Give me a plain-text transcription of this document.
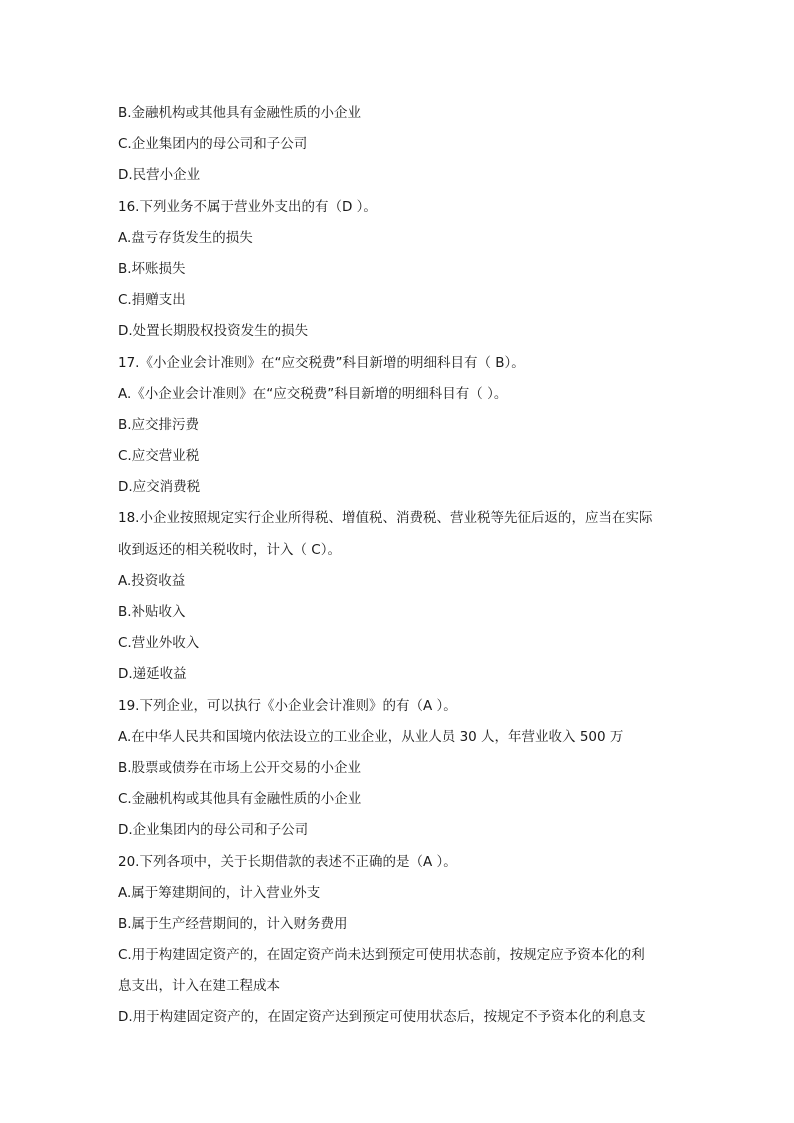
B.金融机构或其他具有金融性质的小企业
C.企业集团内的母公司和子公司
D.民营小企业
16.下列业务不属于营业外支出的有（D ）。
A.盘亏存货发生的损失
B.坏账损失
C.捐赠支出
D.处置长期股权投资发生的损失
17.《小企业会计准则》在“应交税费”科目新增的明细科目有（ B）。
A.《小企业会计准则》在“应交税费”科目新增的明细科目有（ ）。
B.应交排污费
C.应交营业税
D.应交消费税
18.小企业按照规定实行企业所得税、增值税、消费税、营业税等先征后返的，应当在实际
收到返还的相关税收时，计入（ C）。
A.投资收益
B.补贴收入
C.营业外收入
D.递延收益
19.下列企业，可以执行《小企业会计准则》的有（A ）。
A.在中华人民共和国境内依法设立的工业企业，从业人员 30 人，年营业收入 500 万
B.股票或债券在市场上公开交易的小企业
C.金融机构或其他具有金融性质的小企业
D.企业集团内的母公司和子公司
20.下列各项中，关于长期借款的表述不正确的是（A ）。
A.属于筹建期间的，计入营业外支
B.属于生产经营期间的，计入财务费用
C.用于构建固定资产的，在固定资产尚未达到预定可使用状态前，按规定应予资本化的利
息支出，计入在建工程成本
D.用于构建固定资产的，在固定资产达到预定可使用状态后，按规定不予资本化的利息支
